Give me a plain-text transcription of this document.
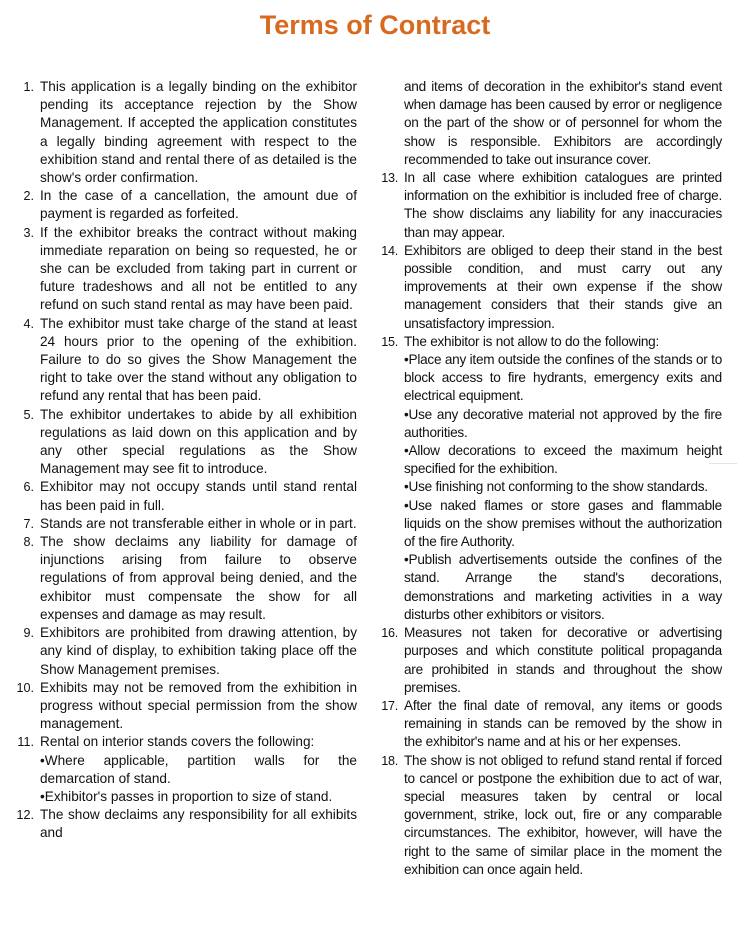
Terms of Contract
1. This application is a legally binding on the exhibitor pending its acceptance rejection by the Show Management. If accepted the application constitutes a legally binding agreement with respect to the exhibition stand and rental there of as detailed is the show's order confirmation.
2. In the case of a cancellation, the amount due of payment is regarded as forfeited.
3. If the exhibitor breaks the contract without making immediate reparation on being so requested, he or she can be excluded from taking part in current or future tradeshows and all not be entitled to any refund on such stand rental as may have been paid.
4. The exhibitor must take charge of the stand at least 24 hours prior to the opening of the exhibition. Failure to do so gives the Show Management the right to take over the stand without any obligation to refund any rental that has been paid.
5. The exhibitor undertakes to abide by all exhibition regulations as laid down on this application and by any other special regulations as the Show Management may see fit to introduce.
6. Exhibitor may not occupy stands until stand rental has been paid in full.
7. Stands are not transferable either in whole or in part.
8. The show declaims any liability for damage of injunctions arising from failure to observe regulations of from approval being denied, and the exhibitor must compensate the show for all expenses and damage as may result.
9. Exhibitors are prohibited from drawing attention, by any kind of display, to exhibition taking place off the Show Management premises.
10. Exhibits may not be removed from the exhibition in progress without special permission from the show management.
11. Rental on interior stands covers the following:
•Where applicable, partition walls for the demarcation of stand.
•Exhibitor's passes in proportion to size of stand.
12. The show declaims any responsibility for all exhibits and
and items of decoration in the exhibitor's stand event when damage has been caused by error or negligence on the part of the show or of personnel for whom the show is responsible. Exhibitors are accordingly recommended to take out insurance cover.
13. In all case where exhibition catalogues are printed information on the exhibitior is included free of charge. The show disclaims any liability for any inaccuracies than may appear.
14. Exhibitors are obliged to deep their stand in the best possible condition, and must carry out any improvements at their own expense if the show management considers that their stands give an unsatisfactory impression.
15. The exhibitor is not allow to do the following:
•Place any item outside the confines of the stands or to block access to fire hydrants, emergency exits and electrical equipment.
•Use any decorative material not approved by the fire authorities.
•Allow decorations to exceed the maximum height specified for the exhibition.
•Use finishing not conforming to the show standards.
•Use naked flames or store gases and flammable liquids on the show premises without the authorization of the fire Authority.
•Publish advertisements outside the confines of the stand. Arrange the stand's decorations, demonstrations and marketing activities in a way disturbs other exhibitors or visitors.
16. Measures not taken for decorative or advertising purposes and which constitute political propaganda are prohibited in stands and throughout the show premises.
17. After the final date of removal, any items or goods remaining in stands can be removed by the show in the exhibitor's name and at his or her expenses.
18. The show is not obliged to refund stand rental if forced to cancel or postpone the exhibition due to act of war, special measures taken by central or local government, strike, lock out, fire or any comparable circumstances. The exhibitor, however, will have the right to the same of similar place in the moment the exhibition can once again held.
